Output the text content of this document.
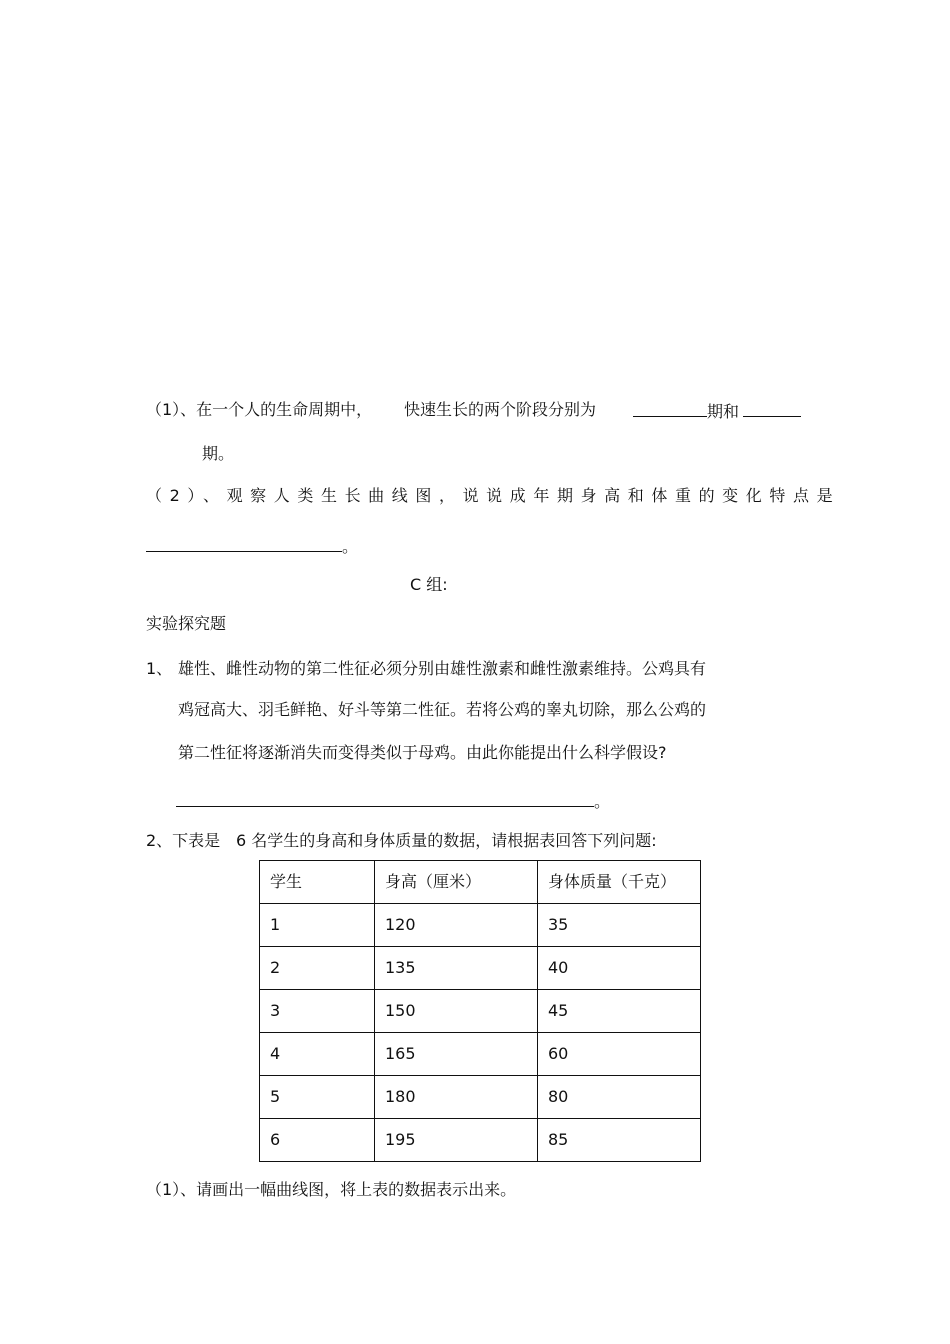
（1）、在一个人的生命周期中， 快速生长的两个阶段分别为	期和
期。
（2）、观察人类生长曲线图，说说成年期身高和体重的变化特点是
。
C 组:
实验探究题
1、 雄性、雌性动物的第二性征必须分别由雄性激素和雌性激素维持。公鸡具有
鸡冠高大、羽毛鲜艳、好斗等第二性征。若将公鸡的睾丸切除，那么公鸡的
第二性征将逐渐消失而变得类似于母鸡。由此你能提出什么科学假设?
。
2、下表是 6 名学生的身高和身体质量的数据，请根据表回答下列问题:
学生	身高（厘米）	身体质量（千克）
1	120	35
2	135	40
3	150	45
4	165	60
5	180	80
6	195	85
（1）、请画出一幅曲线图，将上表的数据表示出来。
